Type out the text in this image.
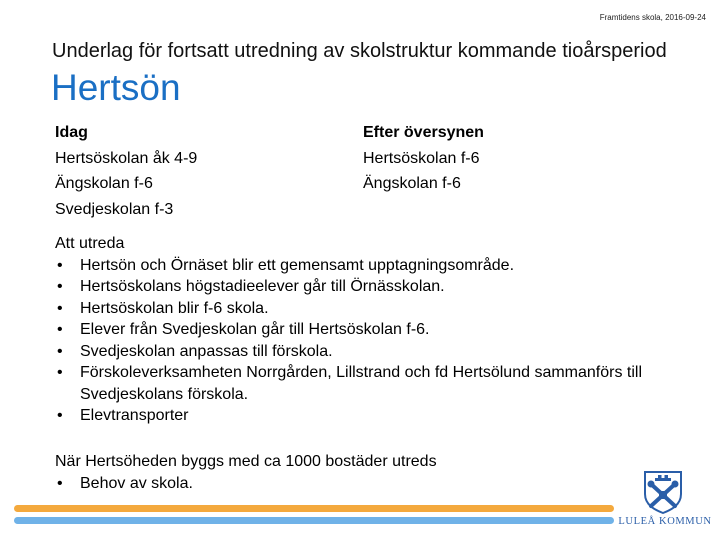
Framtidens skola, 2016-09-24
Underlag för fortsatt utredning av skolstruktur kommande tioårsperiod
Hertsön
Idag
Hertsöskolan åk 4-9
Ängskolan f-6
Svedjeskolan f-3
Efter översynen
Hertsöskolan f-6
Ängskolan f-6
Att utreda
• Hertsön och Örnäset blir ett gemensamt upptagningsområde.
• Hertsöskolans högstadieelever går till Örnässkolan.
• Hertsöskolan blir f-6 skola.
• Elever från Svedjeskolan går till Hertsöskolan f-6.
• Svedjeskolan anpassas till förskola.
• Förskoleverksamheten Norrgården, Lillstrand och fd Hertsölund sammanförs till Svedjeskolans förskola.
• Elevtransporter
När Hertsöheden byggs med ca 1000 bostäder utreds
• Behov av skola.
LULEÅ KOMMUN
